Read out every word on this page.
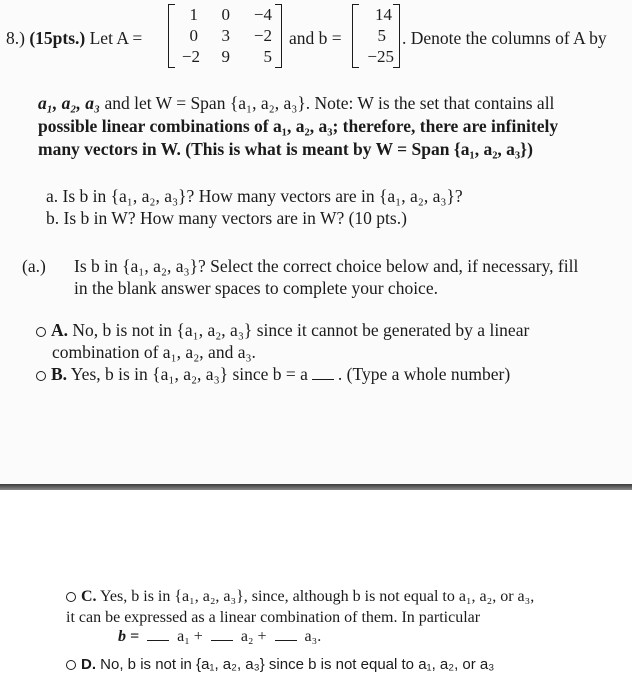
8.) (15pts.) Let A =
1	0	−4
0	3	−2
−2	9	5
and b =
14
5
−25
. Denote the columns of A by
a₁, a₂, a₃ and let W = Span {a₁, a₂, a₃}. Note: W is the set that contains all
possible linear combinations of a₁, a₂, a₃; therefore, there are infinitely
many vectors in W. (This is what is meant by W = Span {a₁, a₂, a₃})
a. Is b in {a₁, a₂, a₃}? How many vectors are in {a₁, a₂, a₃}?
b. Is b in W? How many vectors are in W? (10 pts.)
(a.) Is b in {a₁, a₂, a₃}? Select the correct choice below and, if necessary, fill
in the blank answer spaces to complete your choice.
A. No, b is not in {a₁, a₂, a₃} since it cannot be generated by a linear
combination of a₁, a₂, and a₃.
B. Yes, b is in {a₁, a₂, a₃} since b = a . (Type a whole number)
C. Yes, b is in {a₁, a₂, a₃}, since, although b is not equal to a₁, a₂, or a₃,
it can be expressed as a linear combination of them. In particular
b = a₁ + a₂ + a₃.
D. No, b is not in {a₁, a₂, a₃} since b is not equal to a₁, a₂, or a₃
